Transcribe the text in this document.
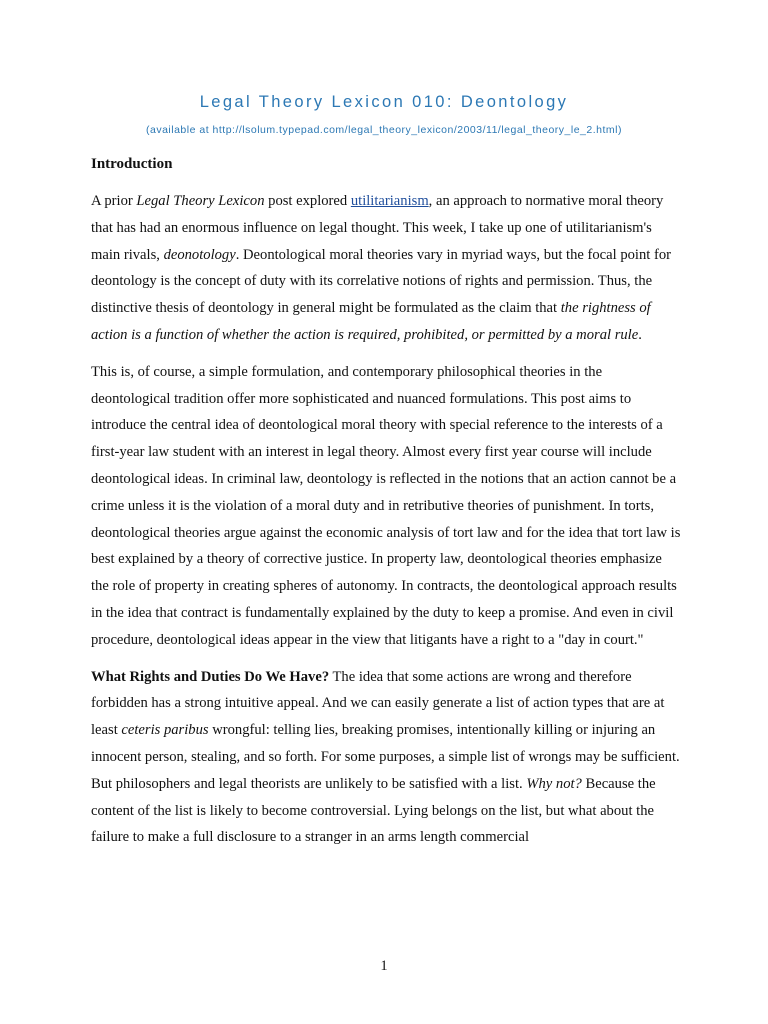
Legal Theory Lexicon 010: Deontology
(available at http://lsolum.typepad.com/legal_theory_lexicon/2003/11/legal_theory_le_2.html)
Introduction

A prior Legal Theory Lexicon post explored utilitarianism, an approach to normative moral theory that has had an enormous influence on legal thought. This week, I take up one of utilitarianism's main rivals, deonotology. Deontological moral theories vary in myriad ways, but the focal point for deontology is the concept of duty with its correlative notions of rights and permission. Thus, the distinctive thesis of deontology in general might be formulated as the claim that the rightness of action is a function of whether the action is required, prohibited, or permitted by a moral rule.

This is, of course, a simple formulation, and contemporary philosophical theories in the deontological tradition offer more sophisticated and nuanced formulations. This post aims to introduce the central idea of deontological moral theory with special reference to the interests of a first-year law student with an interest in legal theory. Almost every first year course will include deontological ideas. In criminal law, deontology is reflected in the notions that an action cannot be a crime unless it is the violation of a moral duty and in retributive theories of punishment. In torts, deontological theories argue against the economic analysis of tort law and for the idea that tort law is best explained by a theory of corrective justice. In property law, deontological theories emphasize the role of property in creating spheres of autonomy. In contracts, the deontological approach results in the idea that contract is fundamentally explained by the duty to keep a promise. And even in civil procedure, deontological ideas appear in the view that litigants have a right to a "day in court."

What Rights and Duties Do We Have? The idea that some actions are wrong and therefore forbidden has a strong intuitive appeal. And we can easily generate a list of action types that are at least ceteris paribus wrongful: telling lies, breaking promises, intentionally killing or injuring an innocent person, stealing, and so forth. For some purposes, a simple list of wrongs may be sufficient. But philosophers and legal theorists are unlikely to be satisfied with a list. Why not? Because the content of the list is likely to become controversial. Lying belongs on the list, but what about the failure to make a full disclosure to a stranger in an arms length commercial

1
